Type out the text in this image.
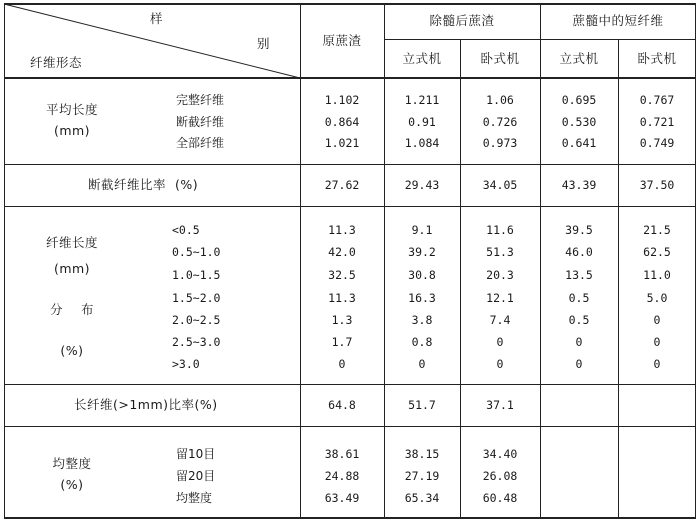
样
别
纤维形态
原蔗渣
除髓后蔗渣	蔗髓中的短纤维
立式机	卧式机	立式机	卧式机
平均长度
(mm)
完整纤维	1.102	1.211	1.06	0.695	0.767
断截纤维	0.864	0.91	0.726	0.530	0.721
全部纤维	1.021	1.084	0.973	0.641	0.749
断截纤维比率  (%)	27.62	29.43	34.05	43.39	37.50
纤维长度
(mm)
分    布
(%)
<0.5	11.3	9.1	11.6	39.5	21.5
0.5~1.0	42.0	39.2	51.3	46.0	62.5
1.0~1.5	32.5	30.8	20.3	13.5	11.0
1.5~2.0	11.3	16.3	12.1	0.5	5.0
2.0~2.5	1.3	3.8	7.4	0.5	0
2.5~3.0	1.7	0.8	0	0	0
>3.0	0	0	0	0	0
长纤维(>1mm)比率(%)	64.8	51.7	37.1
均整度
(%)
留10目	38.61	38.15	34.40
留20目	24.88	27.19	26.08
均整度	63.49	65.34	60.48
